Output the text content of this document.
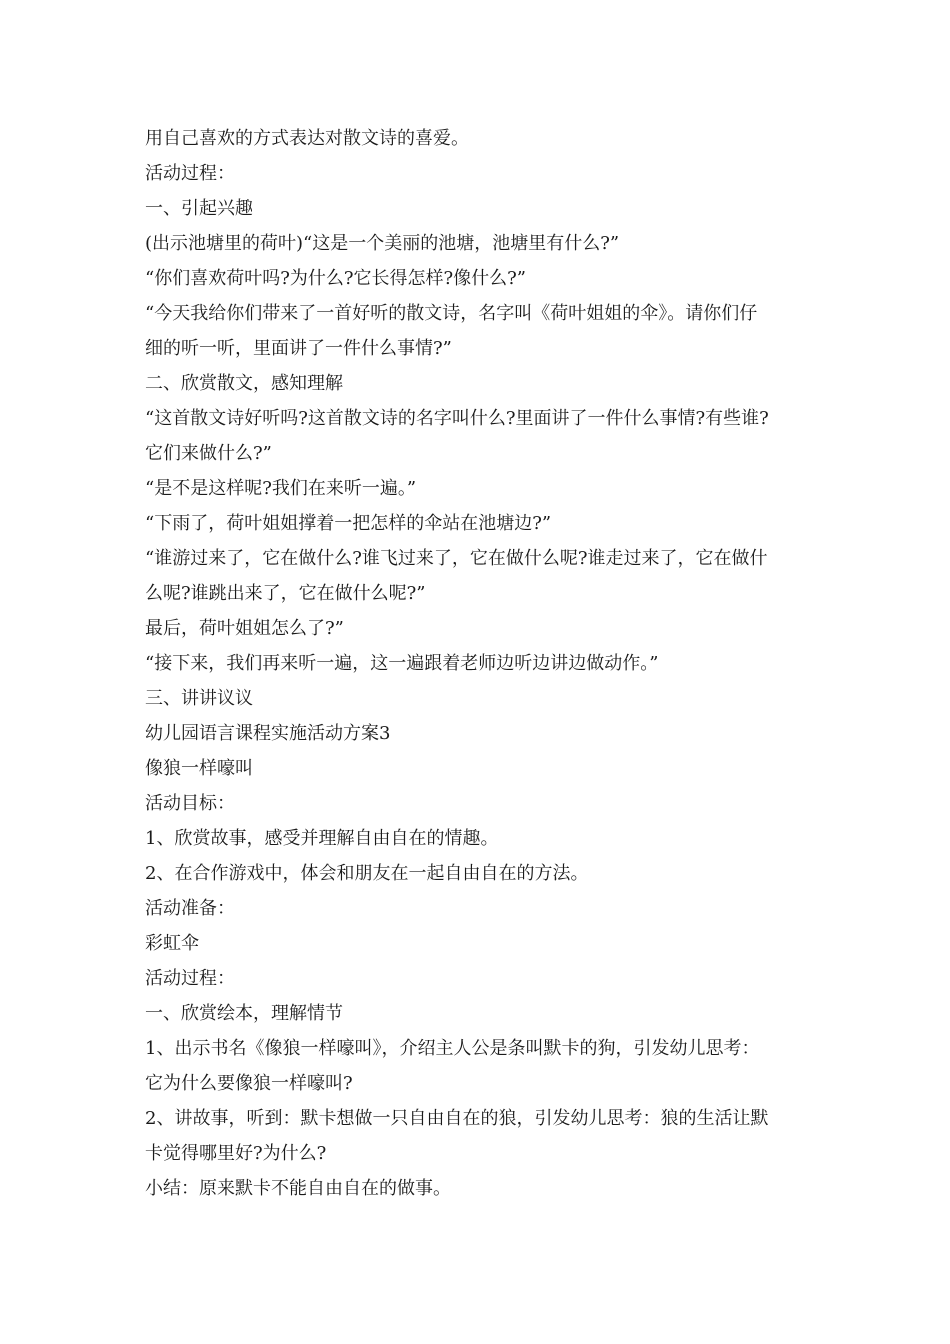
用自己喜欢的方式表达对散文诗的喜爱。
活动过程：
一、引起兴趣
(出示池塘里的荷叶)“这是一个美丽的池塘，池塘里有什么?”
“你们喜欢荷叶吗?为什么?它长得怎样?像什么?”
“今天我给你们带来了一首好听的散文诗，名字叫《荷叶姐姐的伞》。请你们仔
细的听一听，里面讲了一件什么事情?”
二、欣赏散文，感知理解
“这首散文诗好听吗?这首散文诗的名字叫什么?里面讲了一件什么事情?有些谁?
它们来做什么?”
“是不是这样呢?我们在来听一遍。”
“下雨了，荷叶姐姐撑着一把怎样的伞站在池塘边?”
“谁游过来了，它在做什么?谁飞过来了，它在做什么呢?谁走过来了，它在做什
么呢?谁跳出来了，它在做什么呢?”
最后，荷叶姐姐怎么了?”
“接下来，我们再来听一遍，这一遍跟着老师边听边讲边做动作。”
三、讲讲议议
幼儿园语言课程实施活动方案3
像狼一样嚎叫
活动目标：
1、欣赏故事，感受并理解自由自在的情趣。
2、在合作游戏中，体会和朋友在一起自由自在的方法。
活动准备：
彩虹伞
活动过程：
一、欣赏绘本，理解情节
1、出示书名《像狼一样嚎叫》，介绍主人公是条叫默卡的狗，引发幼儿思考：
它为什么要像狼一样嚎叫?
2、讲故事，听到：默卡想做一只自由自在的狼，引发幼儿思考：狼的生活让默
卡觉得哪里好?为什么?
小结：原来默卡不能自由自在的做事。
